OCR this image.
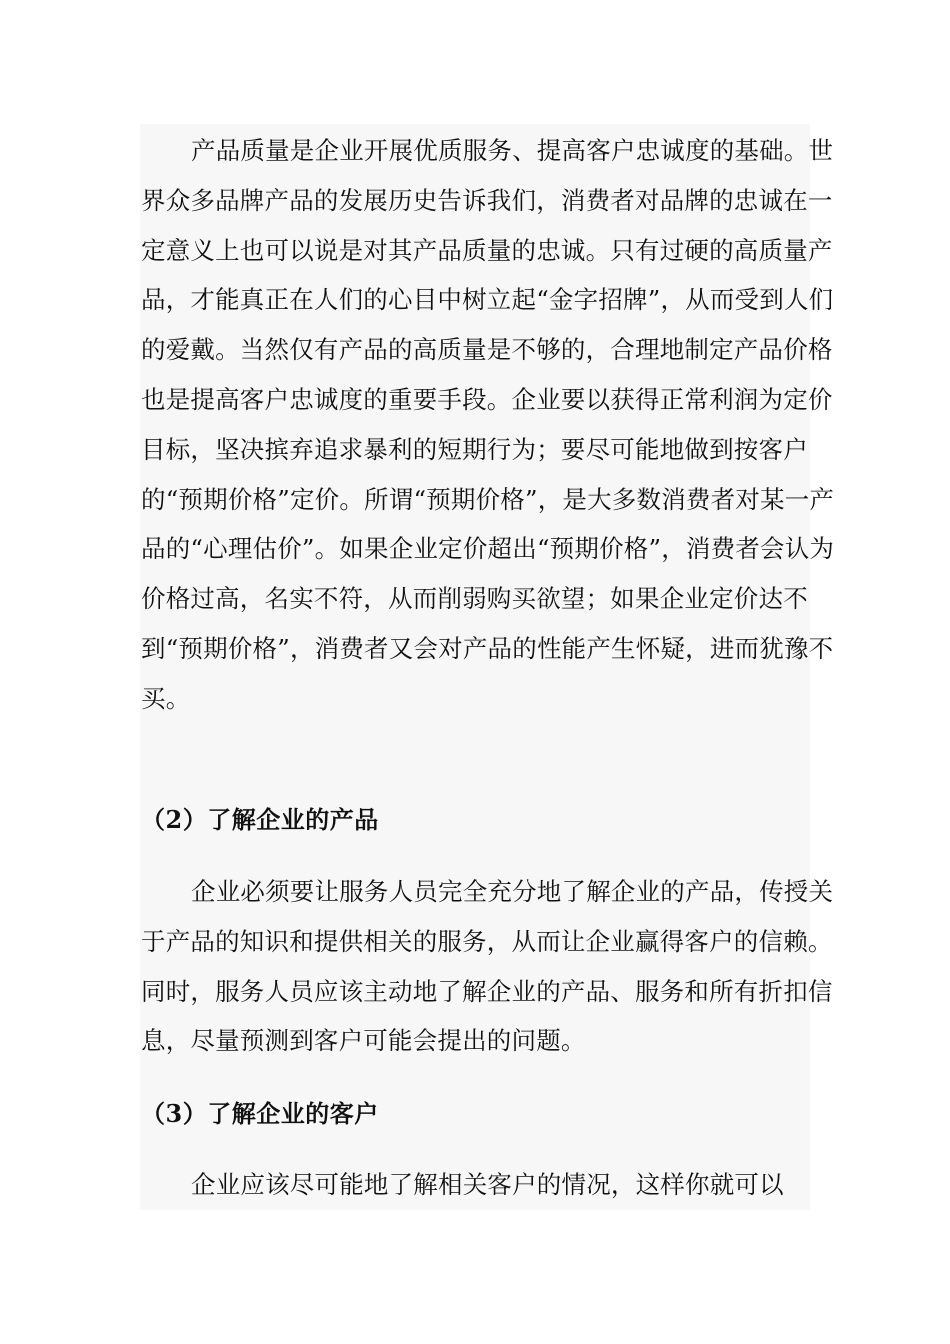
产品质量是企业开展优质服务、提高客户忠诚度的基础。世界众多品牌产品的发展历史告诉我们，消费者对品牌的忠诚在一定意义上也可以说是对其产品质量的忠诚。只有过硬的高质量产品，才能真正在人们的心目中树立起“金字招牌”，从而受到人们的爱戴。当然仅有产品的高质量是不够的，合理地制定产品价格也是提高客户忠诚度的重要手段。企业要以获得正常利润为定价目标，坚决摈弃追求暴利的短期行为；要尽可能地做到按客户的“预期价格”定价。所谓“预期价格”，是大多数消费者对某一产品的“心理估价”。如果企业定价超出“预期价格”，消费者会认为价格过高，名实不符，从而削弱购买欲望；如果企业定价达不到“预期价格”，消费者又会对产品的性能产生怀疑，进而犹豫不买。

（2）了解企业的产品

企业必须要让服务人员完全充分地了解企业的产品，传授关于产品的知识和提供相关的服务，从而让企业赢得客户的信赖。同时，服务人员应该主动地了解企业的产品、服务和所有折扣信息，尽量预测到客户可能会提出的问题。

（3）了解企业的客户

企业应该尽可能地了解相关客户的情况，这样你就可以
